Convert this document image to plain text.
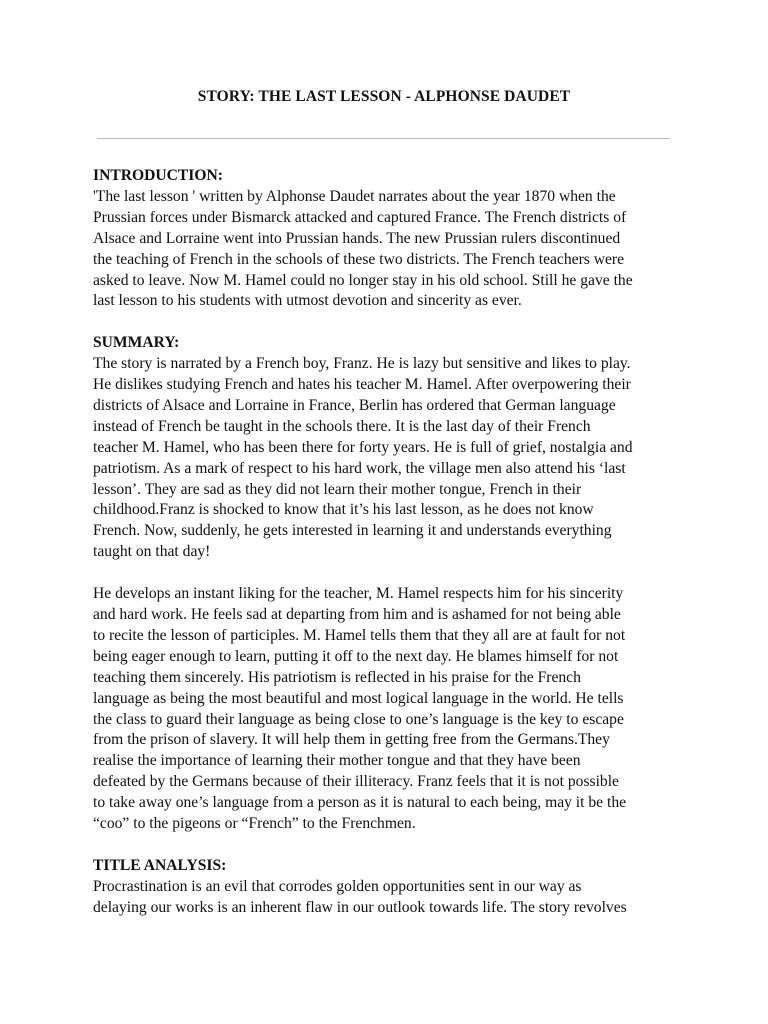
STORY: THE LAST LESSON - ALPHONSE DAUDET
INTRODUCTION:
'The last lesson ' written by Alphonse Daudet narrates about the year 1870 when the
Prussian forces under Bismarck attacked and captured France. The French districts of
Alsace and Lorraine went into Prussian hands. The new Prussian rulers discontinued
the teaching of French in the schools of these two districts. The French teachers were
asked to leave. Now M. Hamel could no longer stay in his old school. Still he gave the
last lesson to his students with utmost devotion and sincerity as ever.
SUMMARY:
The story is narrated by a French boy, Franz. He is lazy but sensitive and likes to play.
He dislikes studying French and hates his teacher M. Hamel. After overpowering their
districts of Alsace and Lorraine in France, Berlin has ordered that German language
instead of French be taught in the schools there. It is the last day of their French
teacher M. Hamel, who has been there for forty years. He is full of grief, nostalgia and
patriotism. As a mark of respect to his hard work, the village men also attend his ‘last
lesson’. They are sad as they did not learn their mother tongue, French in their
childhood.Franz is shocked to know that it’s his last lesson, as he does not know
French. Now, suddenly, he gets interested in learning it and understands everything
taught on that day!
He develops an instant liking for the teacher, M. Hamel respects him for his sincerity
and hard work. He feels sad at departing from him and is ashamed for not being able
to recite the lesson of participles. M. Hamel tells them that they all are at fault for not
being eager enough to learn, putting it off to the next day. He blames himself for not
teaching them sincerely. His patriotism is reflected in his praise for the French
language as being the most beautiful and most logical language in the world. He tells
the class to guard their language as being close to one’s language is the key to escape
from the prison of slavery. It will help them in getting free from the Germans.They
realise the importance of learning their mother tongue and that they have been
defeated by the Germans because of their illiteracy. Franz feels that it is not possible
to take away one’s language from a person as it is natural to each being, may it be the
“coo” to the pigeons or “French” to the Frenchmen.
TITLE ANALYSIS:
Procrastination is an evil that corrodes golden opportunities sent in our way as
delaying our works is an inherent flaw in our outlook towards life. The story revolves
